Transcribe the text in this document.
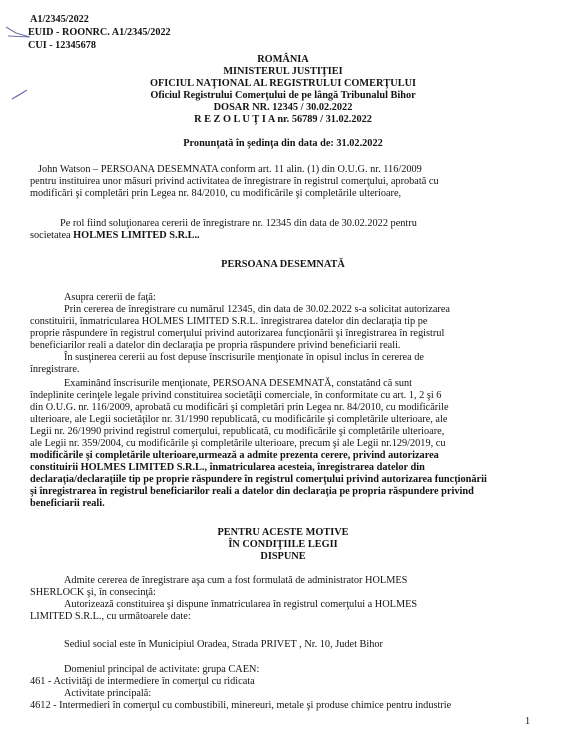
A1/2345/2022
EUID - ROONRC. A1/2345/2022
CUI - 12345678
ROMÂNIA
MINISTERUL JUSTIŢIEI
OFICIUL NAŢIONAL AL REGISTRULUI COMERŢULUI
Oficiul Registrului Comerţului de pe lângă Tribunalul Bihor
DOSAR NR. 12345 / 30.02.2022
R E Z O L U Ţ I A nr. 56789 / 31.02.2022
Pronunţată în şedinţa din data de: 31.02.2022
John Watson – PERSOANA DESEMNATA conform art. 11 alin. (1) din O.U.G. nr. 116/2009
pentru instituirea unor măsuri privind activitatea de înregistrare în registrul comerţului, aprobată cu
modificări şi completări prin Legea nr. 84/2010, cu modificările şi completările ulterioare,
Pe rol fiind soluţionarea cererii de înregistrare nr. 12345 din data de 30.02.2022 pentru
societatea HOLMES LIMITED S.R.L..
PERSOANA DESEMNATĂ
Asupra cererii de faţă:
Prin cererea de înregistrare cu numărul 12345, din data de 30.02.2022 s-a solicitat autorizarea
constituirii, înmatricularea HOLMES LIMITED S.R.L. înregistrarea datelor din declaraţia tip pe
proprie răspundere în registrul comerţului privind autorizarea funcţionării şi înregistrarea în registrul
beneficiarilor reali a datelor din declaraţia pe propria răspundere privind beneficiarii reali.
În susţinerea cererii au fost depuse înscrisurile menţionate în opisul inclus în cererea de
înregistrare.
Examinând înscrisurile menţionate, PERSOANA DESEMNATĂ, constatând că sunt
îndeplinite cerinţele legale privind constituirea societăţii comerciale, în conformitate cu art. 1, 2 şi 6
din O.U.G. nr. 116/2009, aprobată cu modificări şi completări prin Legea nr. 84/2010, cu modificările
ulterioare, ale Legii societăţilor nr. 31/1990 republicată, cu modificările şi completările ulterioare, ale
Legii nr. 26/1990 privind registrul comerţului, republicată, cu modificările şi completările ulterioare,
ale Legii nr. 359/2004, cu modificările şi completările ulterioare, precum şi ale Legii nr.129/2019, cu
modificările şi completările ulterioare,urmează a admite prezenta cerere, privind autorizarea
constituirii HOLMES LIMITED S.R.L., înmatricularea acesteia, înregistrarea datelor din
declaraţia/declaraţiile tip pe propriе răspundere în registrul comerţului privind autorizarea funcţionării
şi înregistrarea în registrul beneficiarilor reali a datelor din declaraţia pe propria răspundere privind
beneficiarii reali.
PENTRU ACESTE MOTIVE
ÎN CONDIŢIILE LEGII
DISPUNE
Admite cererea de înregistrare aşa cum a fost formulată de administrator HOLMES
SHERLOCK şi, în consecinţă:
Autorizează constituirea şi dispune înmatricularea în registrul comerţului a HOLMES
LIMITED S.R.L., cu următoarele date:
Sediul social este în Municipiul Oradea, Strada PRIVET , Nr. 10, Judet Bihor
Domeniul principal de activitate: grupa CAEN:
461 - Activităţi de intermediere în comerţul cu ridicata
Activitate principală:
4612 - Intermedieri în comerţul cu combustibili, minereuri, metale şi produse chimice pentru industrie
1
